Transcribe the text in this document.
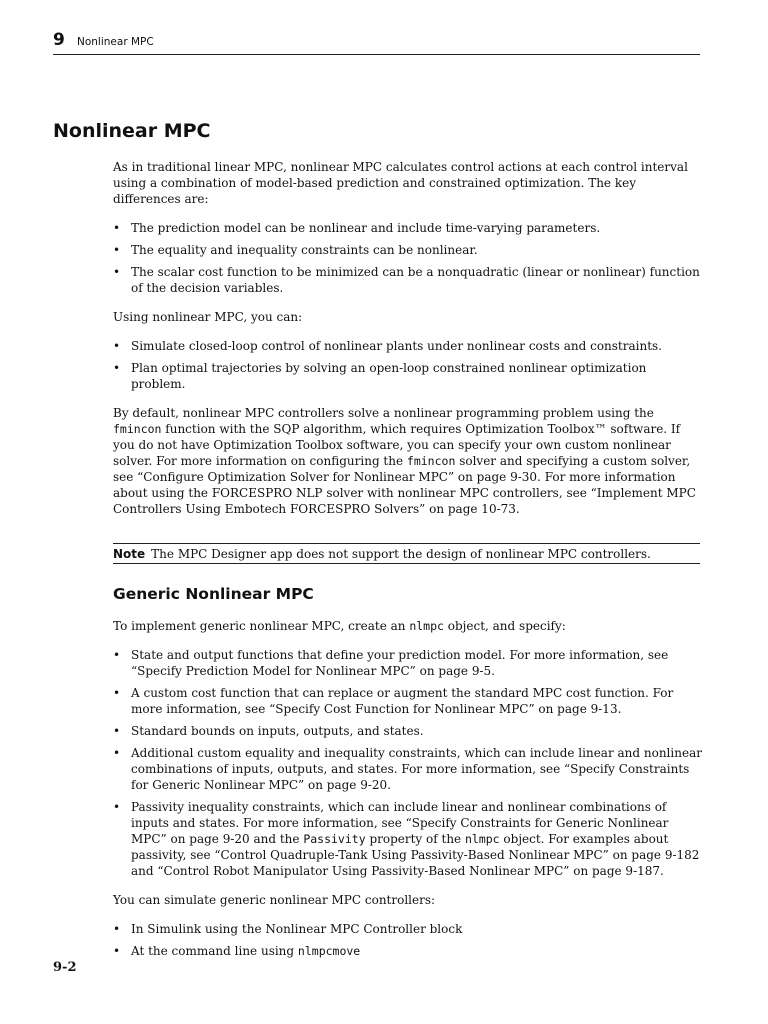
9 Nonlinear MPC
Nonlinear MPC

As in traditional linear MPC, nonlinear MPC calculates control actions at each control interval using a combination of model-based prediction and constrained optimization. The key differences are:

• The prediction model can be nonlinear and include time-varying parameters.
• The equality and inequality constraints can be nonlinear.
• The scalar cost function to be minimized can be a nonquadratic (linear or nonlinear) function of the decision variables.

Using nonlinear MPC, you can:

• Simulate closed-loop control of nonlinear plants under nonlinear costs and constraints.
• Plan optimal trajectories by solving an open-loop constrained nonlinear optimization problem.

By default, nonlinear MPC controllers solve a nonlinear programming problem using the fmincon function with the SQP algorithm, which requires Optimization Toolbox™ software. If you do not have Optimization Toolbox software, you can specify your own custom nonlinear solver. For more information on configuring the fmincon solver and specifying a custom solver, see “Configure Optimization Solver for Nonlinear MPC” on page 9-30. For more information about using the FORCESPRO NLP solver with nonlinear MPC controllers, see “Implement MPC Controllers Using Embotech FORCESPRO Solvers” on page 10-73.

Note The MPC Designer app does not support the design of nonlinear MPC controllers.
Generic Nonlinear MPC

To implement generic nonlinear MPC, create an nlmpc object, and specify:

• State and output functions that define your prediction model. For more information, see “Specify Prediction Model for Nonlinear MPC” on page 9-5.
• A custom cost function that can replace or augment the standard MPC cost function. For more information, see “Specify Cost Function for Nonlinear MPC” on page 9-13.
• Standard bounds on inputs, outputs, and states.
• Additional custom equality and inequality constraints, which can include linear and nonlinear combinations of inputs, outputs, and states. For more information, see “Specify Constraints for Generic Nonlinear MPC” on page 9-20.
• Passivity inequality constraints, which can include linear and nonlinear combinations of inputs and states. For more information, see “Specify Constraints for Generic Nonlinear MPC” on page 9-20 and the Passivity property of the nlmpc object. For examples about passivity, see “Control Quadruple-Tank Using Passivity-Based Nonlinear MPC” on page 9-182 and “Control Robot Manipulator Using Passivity-Based Nonlinear MPC” on page 9-187.

You can simulate generic nonlinear MPC controllers:

• In Simulink using the Nonlinear MPC Controller block
• At the command line using nlmpcmove
9-2
